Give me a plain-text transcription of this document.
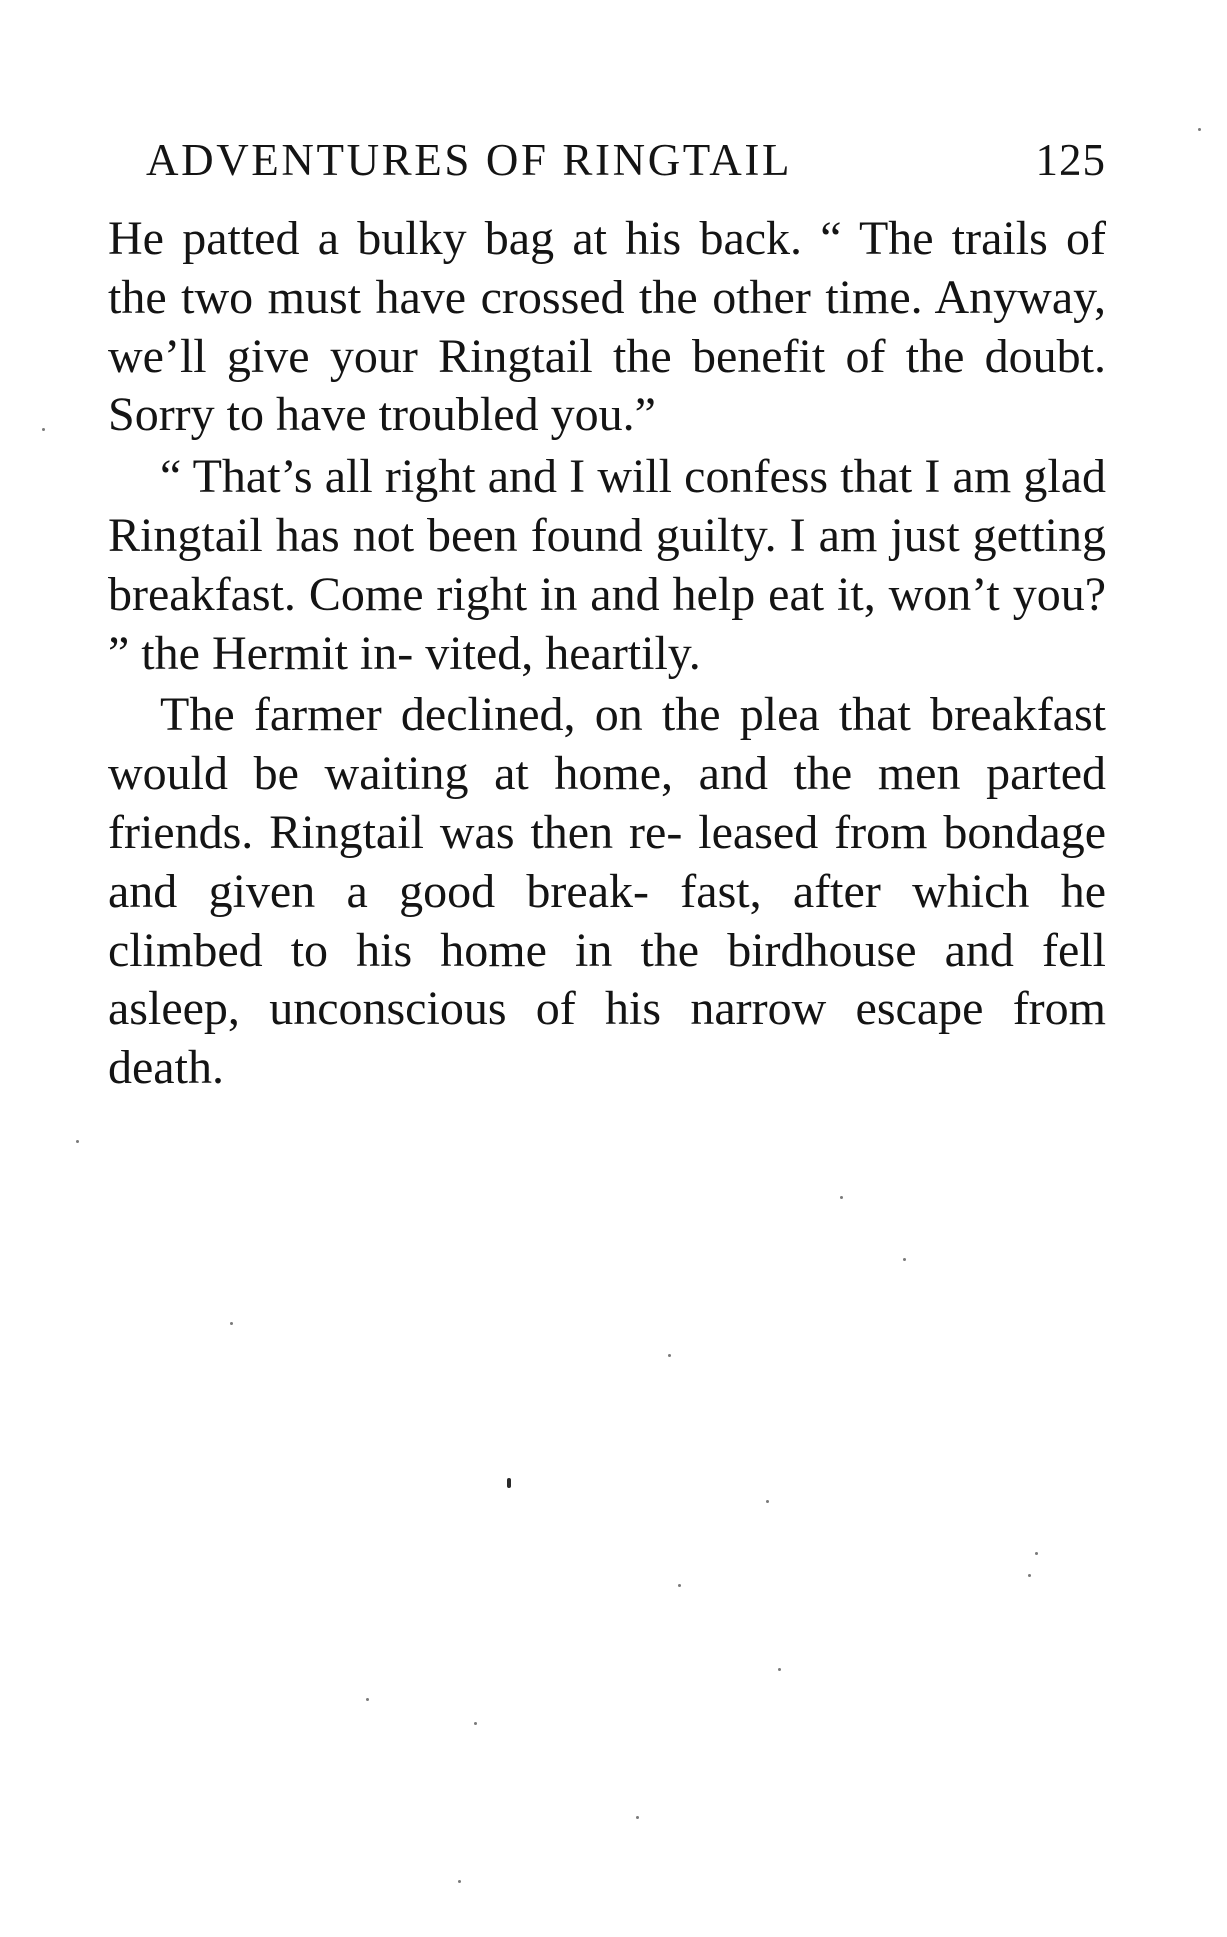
ADVENTURES OF RINGTAIL	125

He patted a bulky bag at his back. “ The trails of the two must have crossed the other time. Anyway, we’ll give your Ringtail the benefit of the doubt. Sorry to have troubled you.”

“ That’s all right and I will confess that I am glad Ringtail has not been found guilty. I am just getting breakfast. Come right in and help eat it, won’t you? ” the Hermit in- vited, heartily.

The farmer declined, on the plea that breakfast would be waiting at home, and the men parted friends. Ringtail was then re- leased from bondage and given a good break- fast, after which he climbed to his home in the birdhouse and fell asleep, unconscious of his narrow escape from death.
